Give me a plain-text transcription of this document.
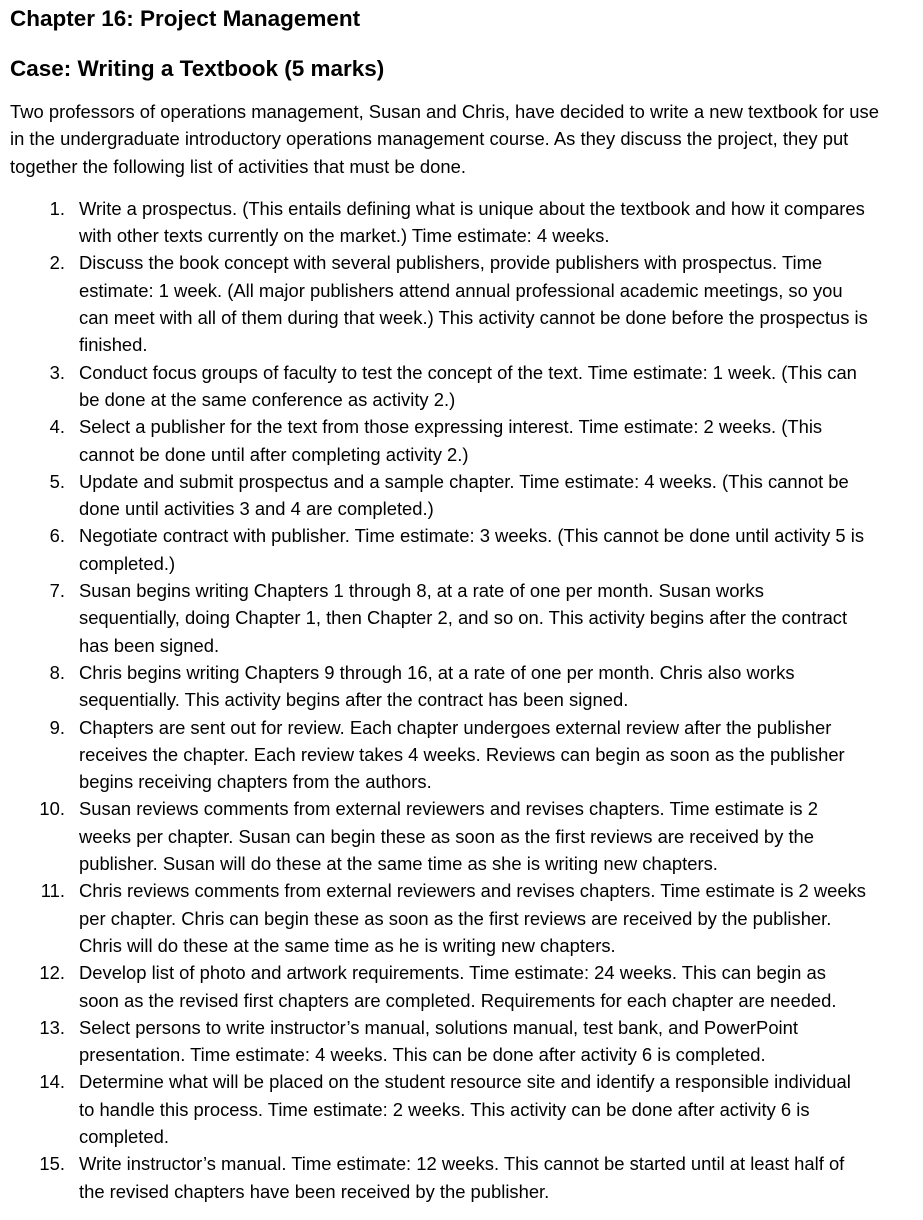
Chapter 16: Project Management
Case: Writing a Textbook (5 marks)

Two professors of operations management, Susan and Chris, have decided to write a new textbook for use in the undergraduate introductory operations management course. As they discuss the project, they put together the following list of activities that must be done.

1. Write a prospectus. (This entails defining what is unique about the textbook and how it compares with other texts currently on the market.) Time estimate: 4 weeks.
2. Discuss the book concept with several publishers, provide publishers with prospectus. Time estimate: 1 week. (All major publishers attend annual professional academic meetings, so you can meet with all of them during that week.) This activity cannot be done before the prospectus is finished.
3. Conduct focus groups of faculty to test the concept of the text. Time estimate: 1 week. (This can be done at the same conference as activity 2.)
4. Select a publisher for the text from those expressing interest. Time estimate: 2 weeks. (This cannot be done until after completing activity 2.)
5. Update and submit prospectus and a sample chapter. Time estimate: 4 weeks. (This cannot be done until activities 3 and 4 are completed.)
6. Negotiate contract with publisher. Time estimate: 3 weeks. (This cannot be done until activity 5 is completed.)
7. Susan begins writing Chapters 1 through 8, at a rate of one per month. Susan works sequentially, doing Chapter 1, then Chapter 2, and so on. This activity begins after the contract has been signed.
8. Chris begins writing Chapters 9 through 16, at a rate of one per month. Chris also works sequentially. This activity begins after the contract has been signed.
9. Chapters are sent out for review. Each chapter undergoes external review after the publisher receives the chapter. Each review takes 4 weeks. Reviews can begin as soon as the publisher begins receiving chapters from the authors.
10. Susan reviews comments from external reviewers and revises chapters. Time estimate is 2 weeks per chapter. Susan can begin these as soon as the first reviews are received by the publisher. Susan will do these at the same time as she is writing new chapters.
11. Chris reviews comments from external reviewers and revises chapters. Time estimate is 2 weeks per chapter. Chris can begin these as soon as the first reviews are received by the publisher. Chris will do these at the same time as he is writing new chapters.
12. Develop list of photo and artwork requirements. Time estimate: 24 weeks. This can begin as soon as the revised first chapters are completed. Requirements for each chapter are needed.
13. Select persons to write instructor’s manual, solutions manual, test bank, and PowerPoint presentation. Time estimate: 4 weeks. This can be done after activity 6 is completed.
14. Determine what will be placed on the student resource site and identify a responsible individual to handle this process. Time estimate: 2 weeks. This activity can be done after activity 6 is completed.
15. Write instructor’s manual. Time estimate: 12 weeks. This cannot be started until at least half of the revised chapters have been received by the publisher.
